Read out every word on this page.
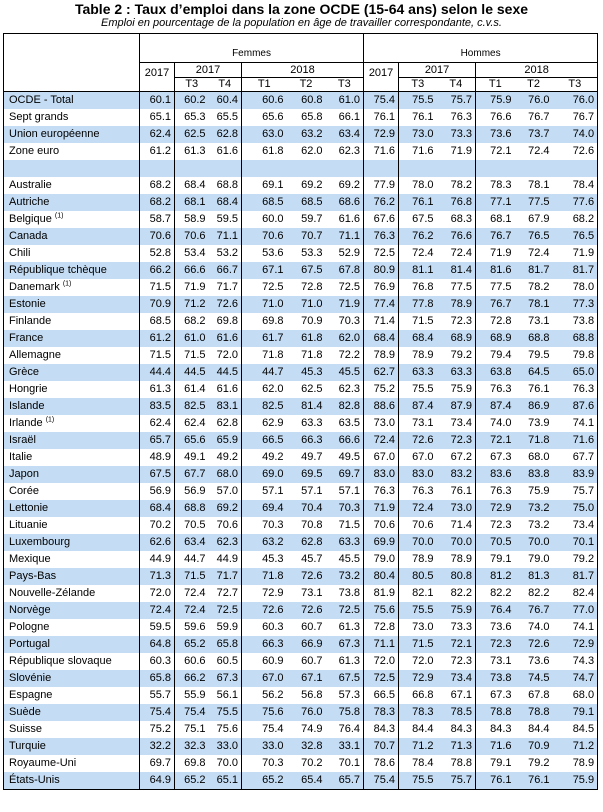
Table 2 : Taux d’emploi dans la zone OCDE (15-64 ans) selon le sexe
Emploi en pourcentage de la population en âge de travailler correspondante, c.v.s.
	Femmes						Hommes					
	2017	2017		2018			2017	2017		2018		
		T3	T4	T1	T2	T3		T3	T4	T1	T2	T3
OCDE - Total	60.1	60.2	60.4	60.6	60.8	61.0	75.4	75.5	75.7	75.9	76.0	76.0
Sept grands	65.1	65.3	65.5	65.6	65.8	66.1	76.1	76.1	76.3	76.6	76.7	76.7
Union européenne	62.4	62.5	62.8	63.0	63.2	63.4	72.9	73.0	73.3	73.6	73.7	74.0
Zone euro	61.2	61.3	61.6	61.8	62.0	62.3	71.6	71.6	71.9	72.1	72.4	72.6

Australie	68.2	68.4	68.8	69.1	69.2	69.2	77.9	78.0	78.2	78.3	78.1	78.4
Autriche	68.2	68.1	68.4	68.5	68.5	68.6	76.2	76.1	76.8	77.1	77.5	77.6
Belgique $^{(1)}$	58.7	58.9	59.5	60.0	59.7	61.6	67.6	67.5	68.3	68.1	67.9	68.2
Canada	70.6	70.6	71.1	70.6	70.7	71.1	76.3	76.2	76.6	76.7	76.5	76.5
Chili	52.8	53.4	53.2	53.6	53.3	52.9	72.5	72.4	72.4	71.9	72.4	71.9
République tchèque	66.2	66.6	66.7	67.1	67.5	67.8	80.9	81.1	81.4	81.6	81.7	81.7
Danemark $^{(1)}$	71.5	71.9	71.7	72.5	72.8	72.5	76.9	76.8	77.5	77.5	78.2	78.0
Estonie	70.9	71.2	72.6	71.0	71.0	71.9	77.4	77.8	78.9	76.7	78.1	77.3
Finlande	68.5	68.2	69.8	69.8	70.9	70.3	71.4	71.5	72.3	72.8	73.1	73.8
France	61.2	61.0	61.6	61.7	61.8	62.0	68.4	68.4	68.9	68.9	68.8	68.8
Allemagne	71.5	71.5	72.0	71.8	71.8	72.2	78.9	78.9	79.2	79.4	79.5	79.8
Grèce	44.4	44.5	44.5	44.7	45.3	45.5	62.7	63.3	63.3	63.8	64.5	65.0
Hongrie	61.3	61.4	61.6	62.0	62.5	62.3	75.2	75.5	75.9	76.3	76.1	76.3
Islande	83.5	82.5	83.1	82.5	81.4	82.8	88.6	87.4	87.9	87.4	86.9	87.6
Irlande $^{(1)}$	62.4	62.4	62.8	62.9	63.3	63.5	73.0	73.1	73.4	74.0	73.9	74.1
Israël	65.7	65.6	65.9	66.5	66.3	66.6	72.4	72.6	72.3	72.1	71.8	71.6
Italie	48.9	49.1	49.2	49.2	49.7	49.5	67.0	67.0	67.2	67.3	68.0	67.7
Japon	67.5	67.7	68.0	69.0	69.5	69.7	83.0	83.0	83.2	83.6	83.8	83.9
Corée	56.9	56.9	57.0	57.1	57.1	57.1	76.3	76.3	76.1	76.3	75.9	75.7
Lettonie	68.4	68.8	69.2	69.4	70.4	70.3	71.9	72.4	73.0	72.9	73.2	75.0
Lituanie	70.2	70.5	70.6	70.3	70.8	71.5	70.6	70.6	71.4	72.3	73.2	73.4
Luxembourg	62.6	63.4	62.3	63.2	62.8	63.3	69.9	70.0	70.0	70.5	70.0	70.1
Mexique	44.9	44.7	44.9	45.3	45.7	45.5	79.0	78.9	78.9	79.1	79.0	79.2
Pays-Bas	71.3	71.5	71.7	71.8	72.6	73.2	80.4	80.5	80.8	81.2	81.3	81.7
Nouvelle-Zélande	72.0	72.4	72.7	72.9	73.1	73.8	81.9	82.1	82.2	82.2	82.2	82.4
Norvège	72.4	72.4	72.5	72.6	72.6	72.5	75.6	75.5	75.9	76.4	76.7	77.0
Pologne	59.5	59.6	59.9	60.3	60.7	61.3	72.8	73.0	73.3	73.6	74.0	74.1
Portugal	64.8	65.2	65.8	66.3	66.9	67.3	71.1	71.5	72.1	72.3	72.6	72.9
République slovaque	60.3	60.6	60.5	60.9	60.7	61.3	72.0	72.0	72.3	73.1	73.6	74.3
Slovénie	65.8	66.2	67.3	67.0	67.1	67.5	72.5	72.9	73.4	73.8	74.5	74.7
Espagne	55.7	55.9	56.1	56.2	56.8	57.3	66.5	66.8	67.1	67.3	67.8	68.0
Suède	75.4	75.4	75.5	75.6	76.0	75.8	78.3	78.3	78.5	78.8	78.8	79.1
Suisse	75.2	75.1	75.6	75.4	74.9	76.4	84.3	84.4	84.3	84.3	84.4	84.5
Turquie	32.2	32.3	33.0	33.0	32.8	33.1	70.7	71.2	71.3	71.6	70.9	71.2
Royaume-Uni	69.7	69.8	70.0	70.3	70.2	70.1	78.6	78.4	78.8	79.1	79.2	78.9
États-Unis	64.9	65.2	65.1	65.2	65.4	65.7	75.4	75.5	75.7	76.1	76.1	75.9
